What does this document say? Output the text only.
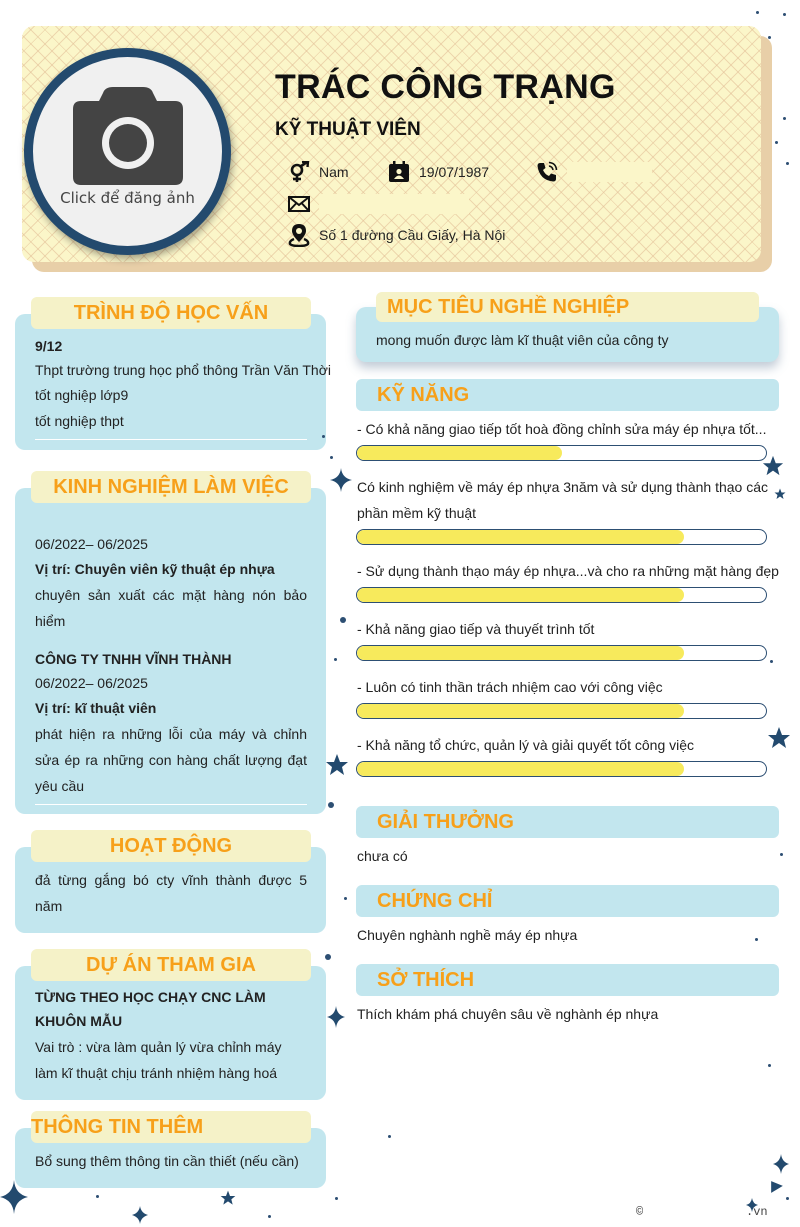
Click để đăng ảnh
TRÁC CÔNG TRẠNG
KỸ THUẬT VIÊN
Nam	19/07/1987
Số 1 đường Cầu Giấy, Hà Nội
TRÌNH ĐỘ HỌC VẤN
9/12
Thpt trường trung học phổ thông Trần Văn Thời
tốt nghiệp lớp9
tốt nghiệp thpt
KINH NGHIỆM LÀM VIỆC
06/2022– 06/2025
Vị trí: Chuyên viên kỹ thuật ép nhựa
chuyên sản xuất các mặt hàng nón bảo hiểm
CÔNG TY TNHH VĨNH THÀNH
06/2022– 06/2025
Vị trí: kĩ thuật viên
phát hiện ra những lỗi của máy và chỉnh sửa ép ra những con hàng chất lượng đạt yêu cầu
HOẠT ĐỘNG
đả từng gắng bó cty vĩnh thành được 5 năm
DỰ ÁN THAM GIA
TỪNG THEO HỌC CHẠY CNC LÀM KHUÔN MẪU
Vai trò : vừa làm quản lý vừa chỉnh máy
làm kĩ thuật chịu tránh nhiệm hàng hoá
THÔNG TIN THÊM
Bổ sung thêm thông tin cần thiết (nếu cần)
MỤC TIÊU NGHỀ NGHIỆP
mong muốn được làm kĩ thuật viên của công ty
KỸ NĂNG
- Có khả năng giao tiếp tốt hoà đồng chỉnh sửa máy ép nhựa tốt...
Có kinh nghiệm về máy ép nhựa 3năm và sử dụng thành thạo các phần mềm kỹ thuật
- Sử dụng thành thạo máy ép nhựa...và cho ra những mặt hàng đẹp
- Khả năng giao tiếp và thuyết trình tốt
- Luôn có tinh thần trách nhiệm cao với công việc
- Khả năng tổ chức, quản lý và giải quyết tốt công việc
GIẢI THƯỞNG
chưa có
CHỨNG CHỈ
Chuyên nghành nghề máy ép nhựa
SỞ THÍCH
Thích khám phá chuyên sâu về nghành ép nhựa
©	.vn
